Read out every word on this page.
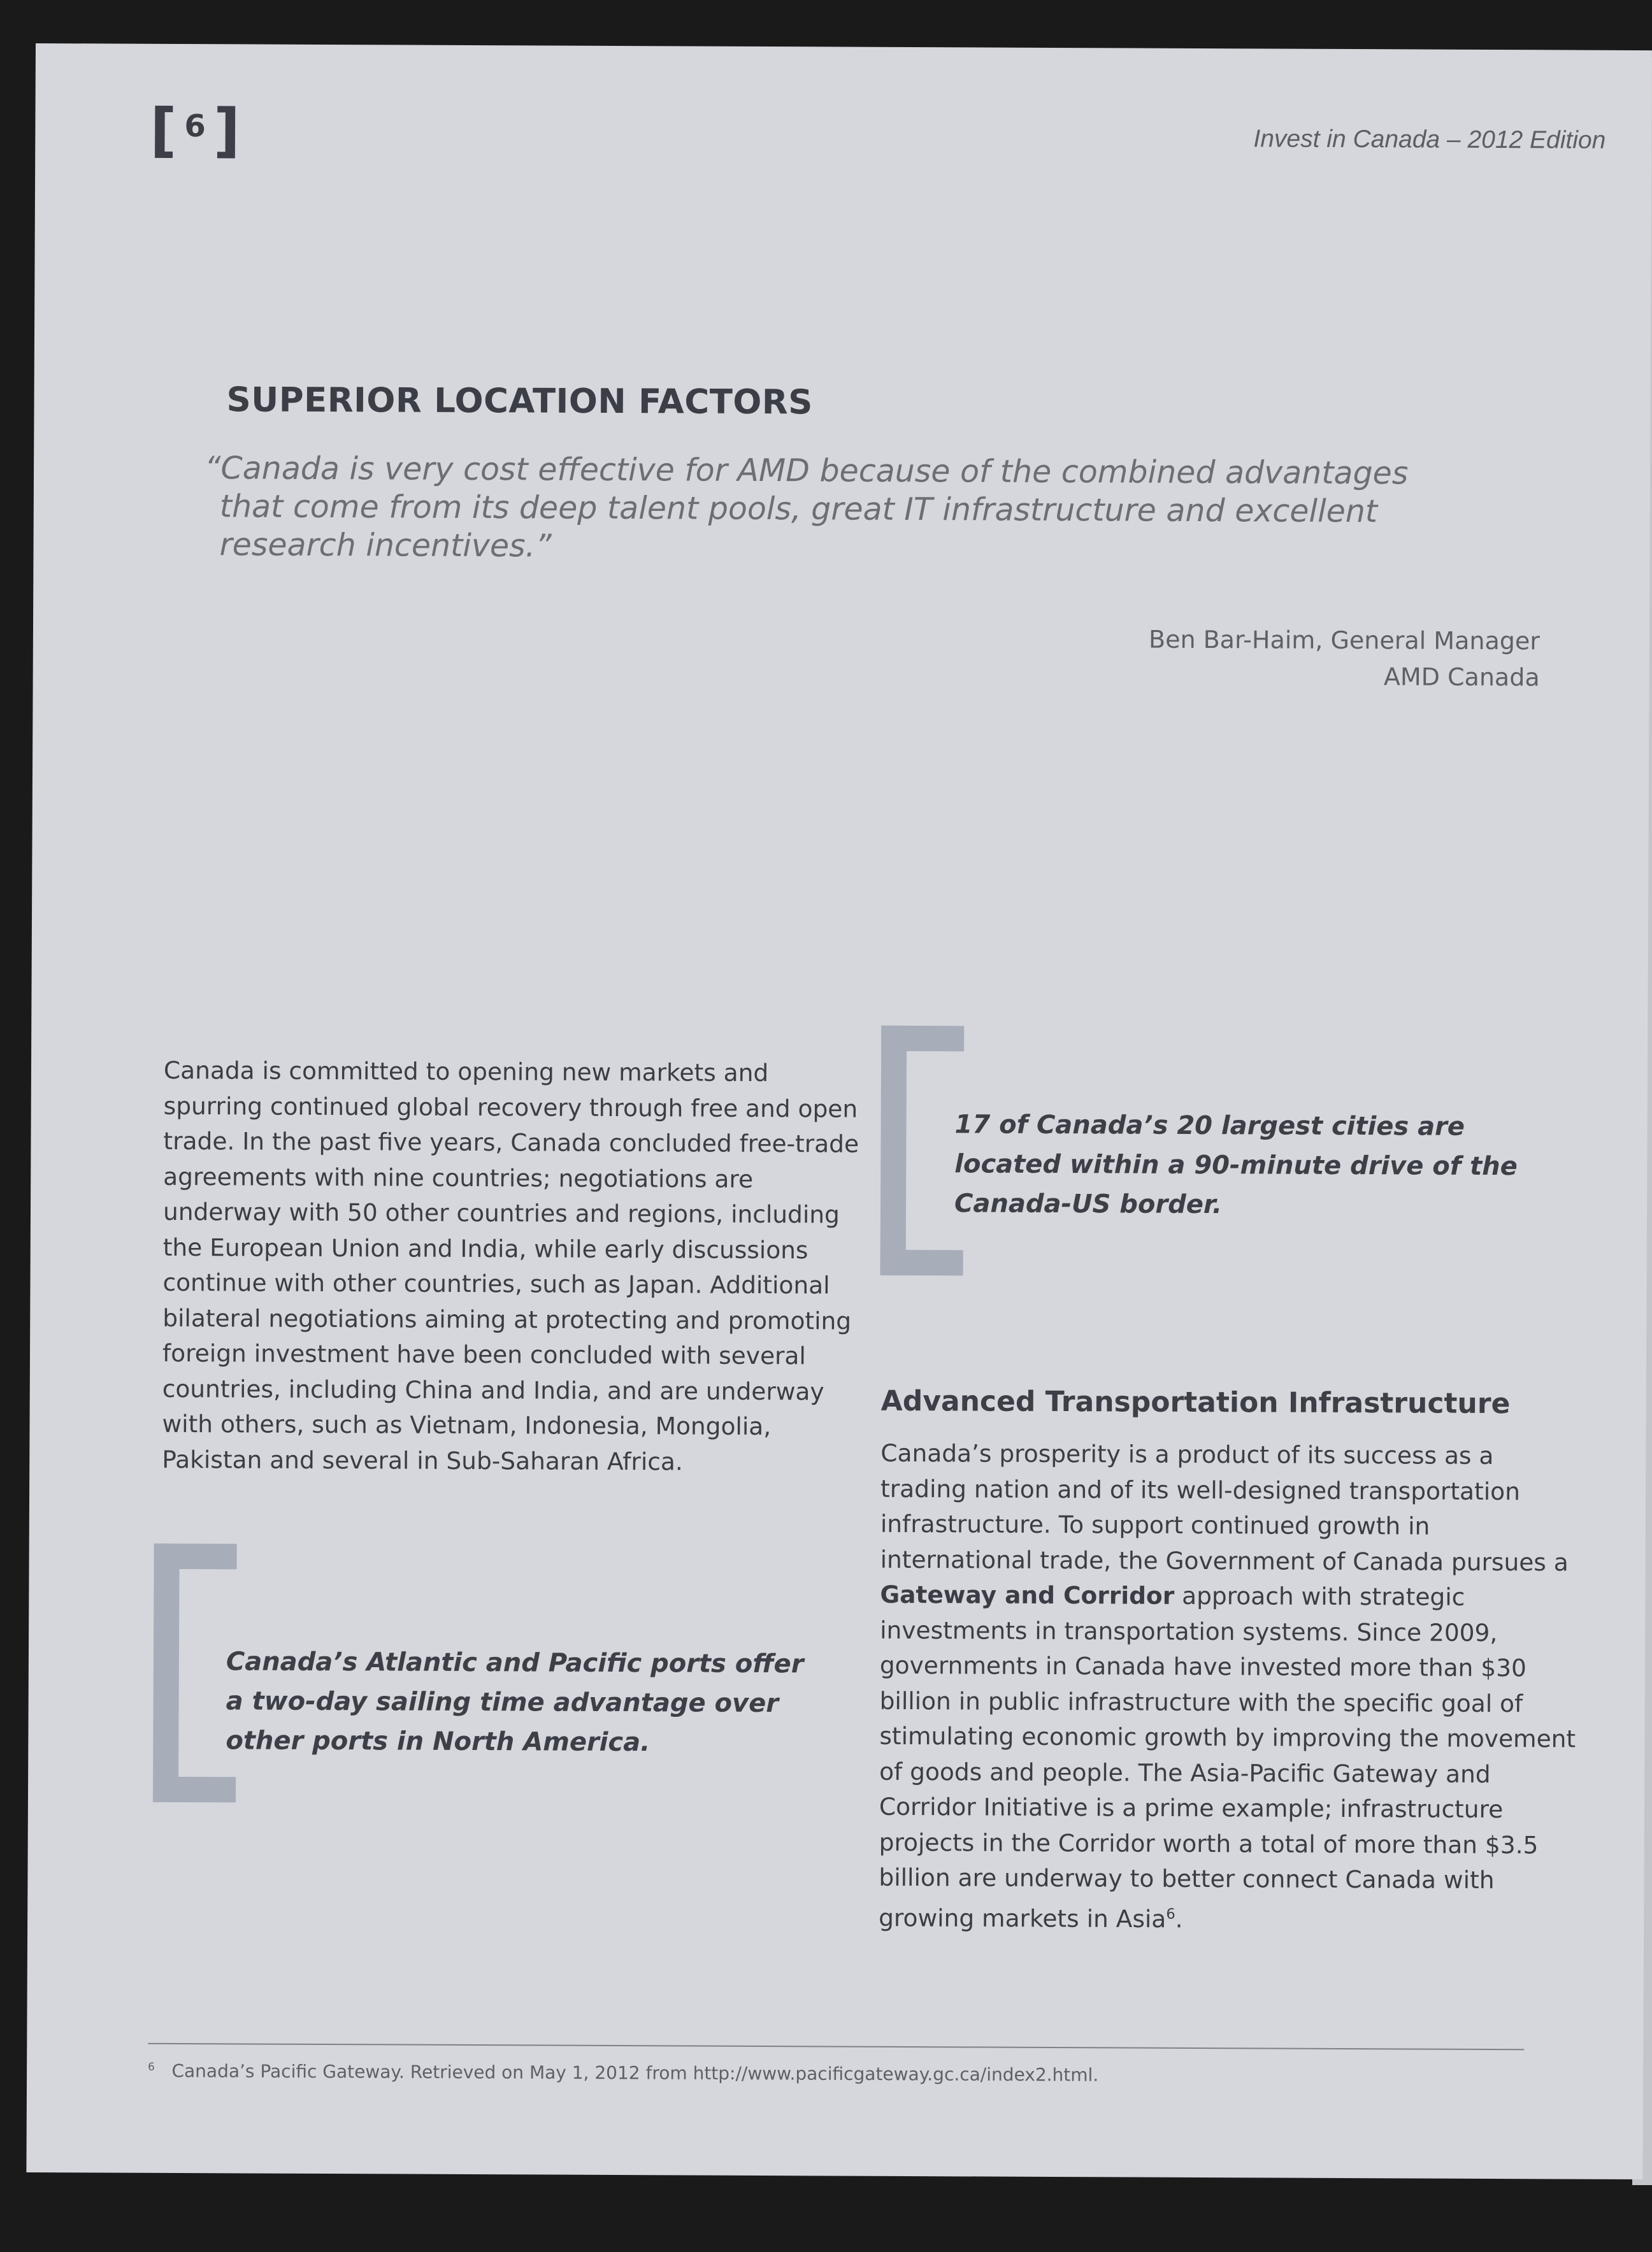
[ $^6$]	Invest in Canada – 2012 Edition
SUPERIOR LOCATION FACTORS
“Canada is very cost effective for AMD because of the combined advantages
that come from its deep talent pools, great IT infrastructure and excellent
research incentives.”
Ben Bar-Haim, General Manager
AMD Canada
Canada is committed to opening new markets and spurring continued global recovery through free and open trade. In the past five years, Canada concluded free-trade agreements with nine countries; negotiations are underway with 50 other countries and regions, including the European Union and India, while early discussions continue with other countries, such as Japan. Additional bilateral negotiations aiming at protecting and promoting foreign investment have been concluded with several countries, including China and India, and are underway with others, such as Vietnam, Indonesia, Mongolia, Pakistan and several in Sub-Saharan Africa.
Canada’s Atlantic and Pacific ports offer a two-day sailing time advantage over other ports in North America.
17 of Canada’s 20 largest cities are located within a 90-minute drive of the Canada-US border.
Advanced Transportation Infrastructure
Canada’s prosperity is a product of its success as a trading nation and of its well-designed transportation infrastructure. To support continued growth in international trade, the Government of Canada pursues a Gateway and Corridor approach with strategic investments in transportation systems. Since 2009, governments in Canada have invested more than $30 billion in public infrastructure with the specific goal of stimulating economic growth by improving the movement of goods and people. The Asia-Pacific Gateway and Corridor Initiative is a prime example; infrastructure projects in the Corridor worth a total of more than $3.5 billion are underway to better connect Canada with growing markets in Asia$^6$.
$^6$ Canada’s Pacific Gateway. Retrieved on May 1, 2012 from http://www.pacificgateway.gc.ca/index2.html.
